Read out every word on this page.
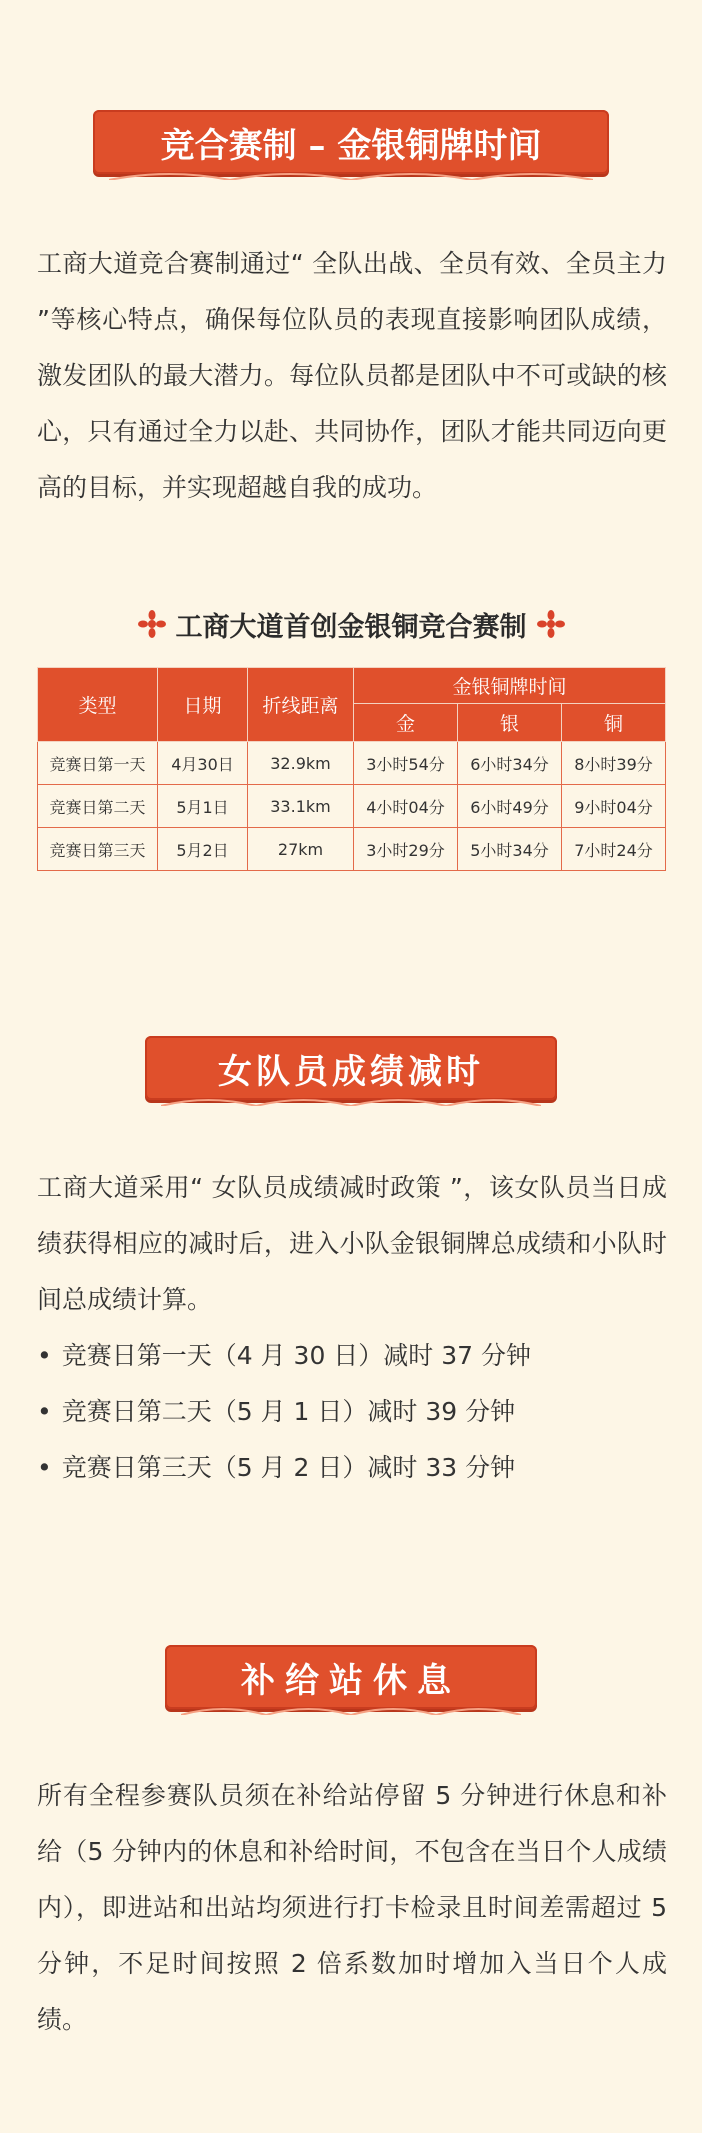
竞合赛制 – 金银铜牌时间

工商大道竞合赛制通过“ 全队出战、全员有效、全员主力 ”等核心特点，确保每位队员的表现直接影响团队成绩，激发团队的最大潜力。每位队员都是团队中不可或缺的核心，只有通过全力以赴、共同协作，团队才能共同迈向更高的目标，并实现超越自我的成功。

工商大道首创金银铜竞合赛制
类型	日期	折线距离	金银铜牌时间		
			金	银	铜
竞赛日第一天	4月30日	32.9km	3小时54分	6小时34分	8小时39分
竞赛日第二天	5月1日	33.1km	4小时04分	6小时49分	9小时04分
竞赛日第三天	5月2日	27km	3小时29分	5小时34分	7小时24分
女队员成绩减时

工商大道采用“ 女队员成绩减时政策 ”，该女队员当日成绩获得相应的减时后，进入小队金银铜牌总成绩和小队时间总成绩计算。

• 竞赛日第一天（4 月 30 日）减时 37 分钟
• 竞赛日第二天（5 月 1 日）减时 39 分钟
• 竞赛日第三天（5 月 2 日）减时 33 分钟
补给站休息

所有全程参赛队员须在补给站停留 5 分钟进行休息和补给（5 分钟内的休息和补给时间，不包含在当日个人成绩内），即进站和出站均须进行打卡检录且时间差需超过 5 分钟，不足时间按照 2 倍系数加时增加入当日个人成绩。
